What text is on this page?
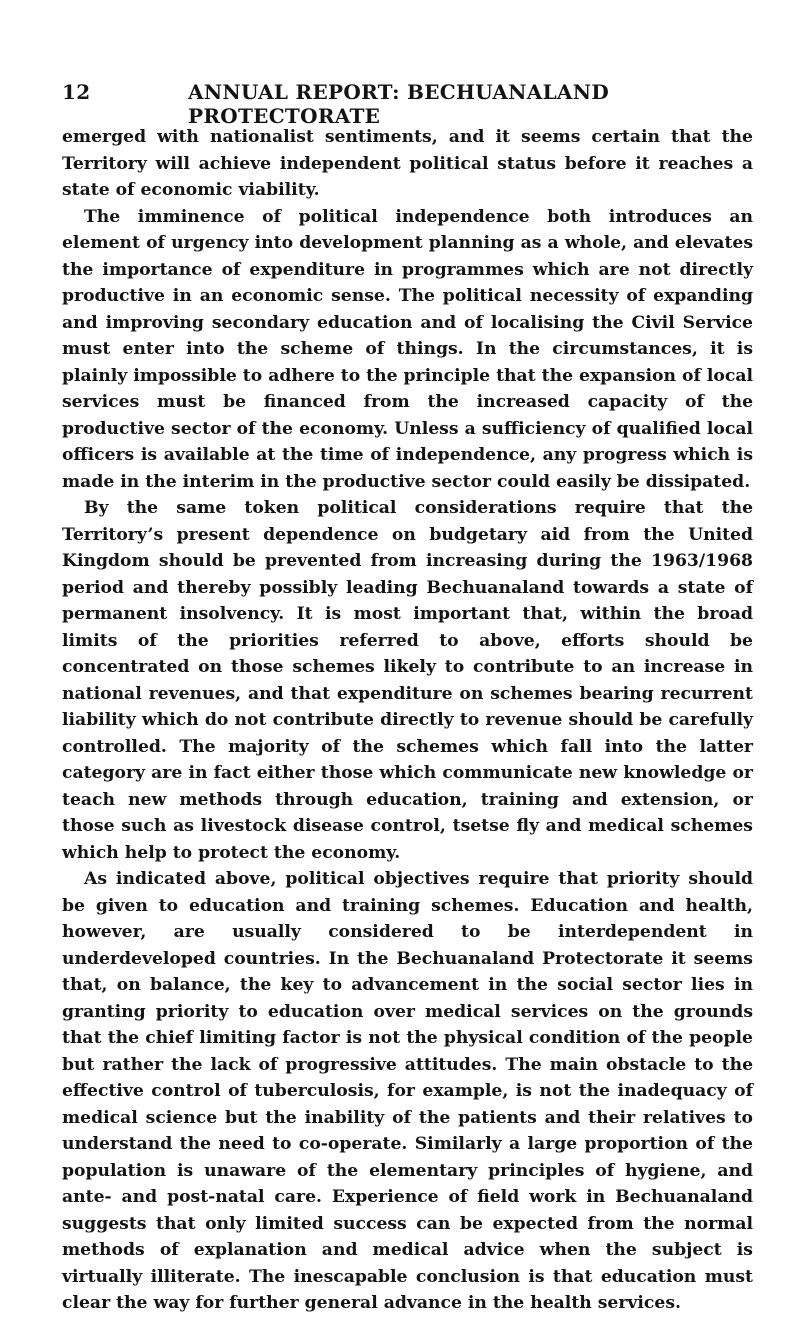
12	ANNUAL REPORT: BECHUANALAND PROTECTORATE

emerged with nationalist sentiments, and it seems certain that the Territory will achieve independent political status before it reaches a state of economic viability.

The imminence of political independence both introduces an element of urgency into development planning as a whole, and elevates the importance of expenditure in programmes which are not directly productive in an economic sense. The political necessity of expanding and improving secondary education and of localising the Civil Service must enter into the scheme of things. In the circumstances, it is plainly impossible to adhere to the principle that the expansion of local services must be financed from the increased capacity of the productive sector of the economy. Unless a sufficiency of qualified local officers is available at the time of independence, any progress which is made in the interim in the productive sector could easily be dissipated.

By the same token political considerations require that the Territory’s present dependence on budgetary aid from the United Kingdom should be prevented from increasing during the 1963/1968 period and thereby possibly leading Bechuanaland towards a state of permanent insolvency. It is most important that, within the broad limits of the priorities referred to above, efforts should be concentrated on those schemes likely to contribute to an increase in national revenues, and that expenditure on schemes bearing recurrent liability which do not contribute directly to revenue should be carefully controlled. The majority of the schemes which fall into the latter category are in fact either those which communicate new knowledge or teach new methods through education, training and extension, or those such as livestock disease control, tsetse fly and medical schemes which help to protect the economy.

As indicated above, political objectives require that priority should be given to education and training schemes. Education and health, however, are usually considered to be interdependent in underdeveloped countries. In the Bechuanaland Protectorate it seems that, on balance, the key to advancement in the social sector lies in granting priority to education over medical services on the grounds that the chief limiting factor is not the physical condition of the people but rather the lack of progressive attitudes. The main obstacle to the effective control of tuberculosis, for example, is not the inadequacy of medical science but the inability of the patients and their relatives to understand the need to co-operate. Similarly a large proportion of the population is unaware of the elementary principles of hygiene, and ante- and post-natal care. Experience of field work in Bechuanaland suggests that only limited success can be expected from the normal methods of explanation and medical advice when the subject is virtually illiterate. The inescapable conclusion is that education must clear the way for further general advance in the health services.
